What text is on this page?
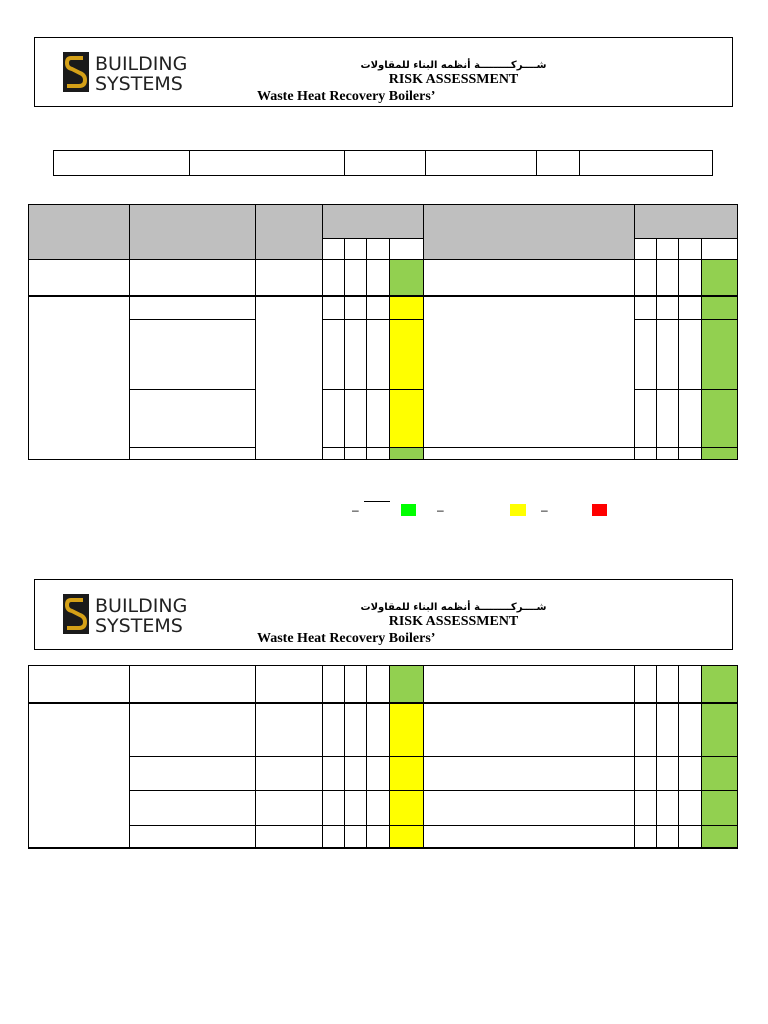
BUILDING
SYSTEMS
شــــركـــــــــة أنظمه البناء للمقاولات
RISK ASSESSMENT
Waste Heat Recovery Boilers’
–	–	–
BUILDING
SYSTEMS
شــــركـــــــــة أنظمه البناء للمقاولات
RISK ASSESSMENT
Waste Heat Recovery Boilers’
